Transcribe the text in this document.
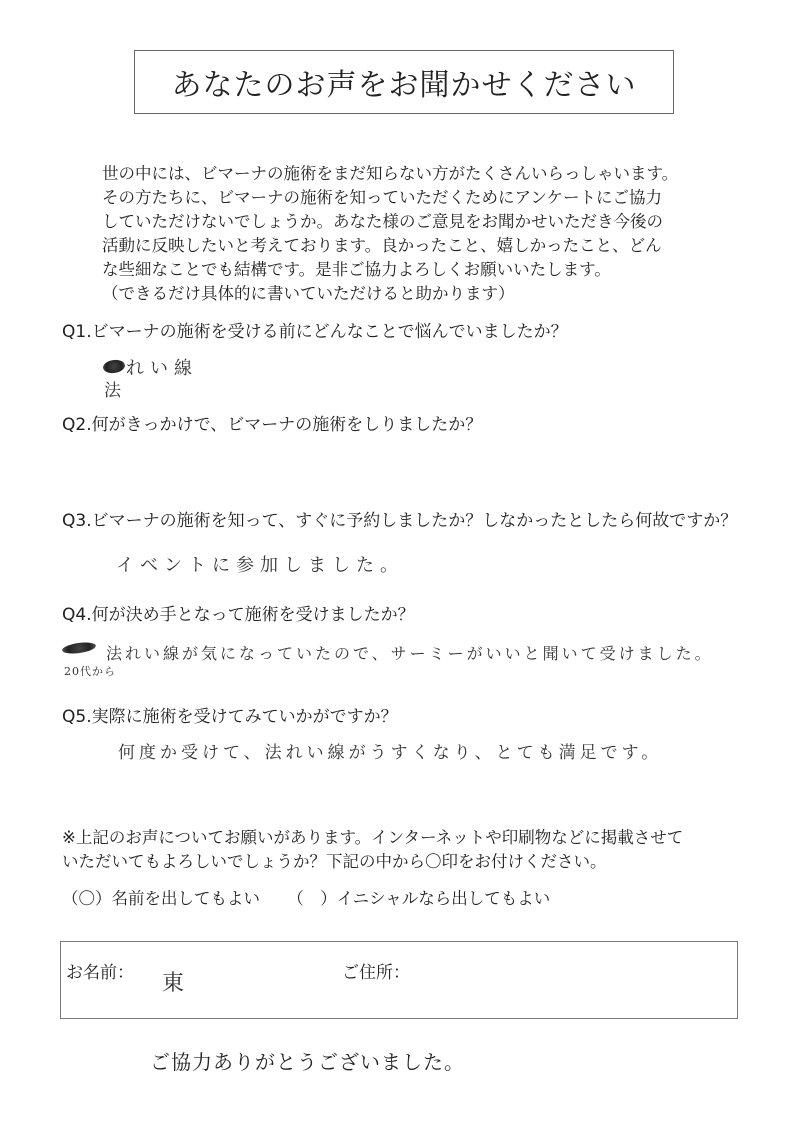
あなたのお声をお聞かせください
世の中には、ビマーナの施術をまだ知らない方がたくさんいらっしゃいます。
その方たちに、ビマーナの施術を知っていただくためにアンケートにご協力
していただけないでしょうか。あなた様のご意見をお聞かせいただき今後の
活動に反映したいと考えております。良かったこと、嬉しかったこと、どん
な些細なことでも結構です。是非ご協力よろしくお願いいたします。
（できるだけ具体的に書いていただけると助かります）
Q1.ビマーナの施術を受ける前にどんなことで悩んでいましたか？
れい線
法
Q2.何がきっかけで、ビマーナの施術をしりましたか？
Q3.ビマーナの施術を知って、すぐに予約しましたか？しなかったとしたら何故ですか？
イベントに参加しました。
Q4.何が決め手となって施術を受けましたか？
法れい線が気になっていたので、サーミーがいいと聞いて受けました。
20代から
Q5.実際に施術を受けてみていかがですか？
何度か受けて、法れい線がうすくなり、とても満足です。
※上記のお声についてお願いがあります。インターネットや印刷物などに掲載させて
いただいてもよろしいでしょうか？下記の中から〇印をお付けください。
（〇）名前を出してもよい （　）イニシャルなら出してもよい
お名前： 東	ご住所：
ご協力ありがとうございました。
